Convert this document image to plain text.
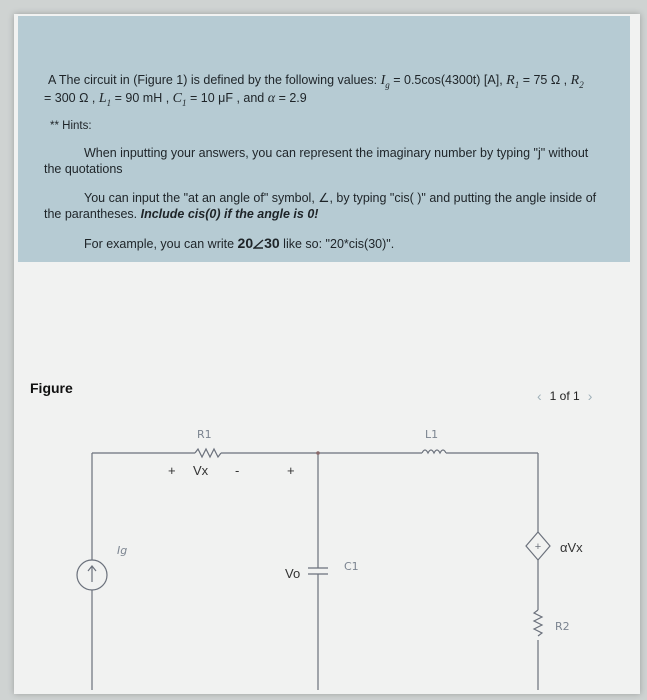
A The circuit in (Figure 1) is defined by the following values: $I_g = 0.5\cos(4300t)$ [A], $R_1 = 75$ Ω , $R_2$
= 300 Ω , $L_1 = 90$ mH , $C_1 = 10$ μF , and α = 2.9
** Hints:
When inputting your answers, you can represent the imaginary number by typing "j" without
the quotations
You can input the "at an angle of" symbol, ∠, by typing "cis( )" and putting the angle inside of
the parantheses. Include cis(0) if the angle is 0!
For example, you can write 20 30 like so: "20*cis(30)".
Figure	‹ 1 of 1 ›
+
R1	L1
+ Vx -	+
Ig
Vo	C1
αVx
R2
